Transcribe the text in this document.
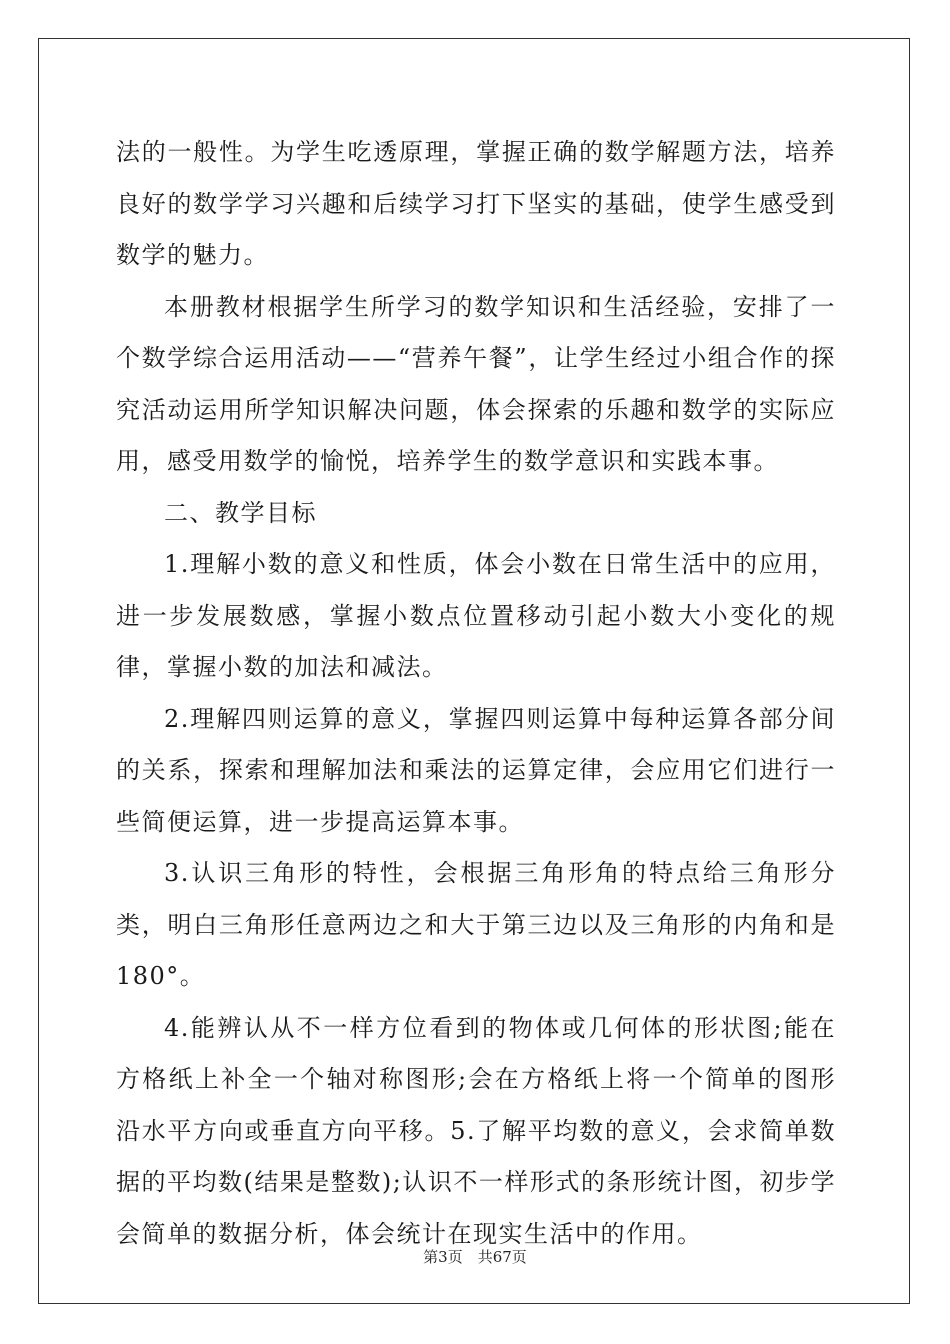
法的一般性。为学生吃透原理，掌握正确的数学解题方法，培养良好的数学学习兴趣和后续学习打下坚实的基础，使学生感受到数学的魅力。

本册教材根据学生所学习的数学知识和生活经验，安排了一个数学综合运用活动——“营养午餐”，让学生经过小组合作的探究活动运用所学知识解决问题，体会探索的乐趣和数学的实际应用，感受用数学的愉悦，培养学生的数学意识和实践本事。

二、教学目标

1.理解小数的意义和性质，体会小数在日常生活中的应用，进一步发展数感，掌握小数点位置移动引起小数大小变化的规律，掌握小数的加法和减法。

2.理解四则运算的意义，掌握四则运算中每种运算各部分间的关系，探索和理解加法和乘法的运算定律，会应用它们进行一些简便运算，进一步提高运算本事。

3.认识三角形的特性，会根据三角形角的特点给三角形分类，明白三角形任意两边之和大于第三边以及三角形的内角和是180°。

4.能辨认从不一样方位看到的物体或几何体的形状图;能在方格纸上补全一个轴对称图形;会在方格纸上将一个简单的图形沿水平方向或垂直方向平移。5.了解平均数的意义，会求简单数据的平均数(结果是整数);认识不一样形式的条形统计图，初步学会简单的数据分析，体会统计在现实生活中的作用。

第3页　共67页
